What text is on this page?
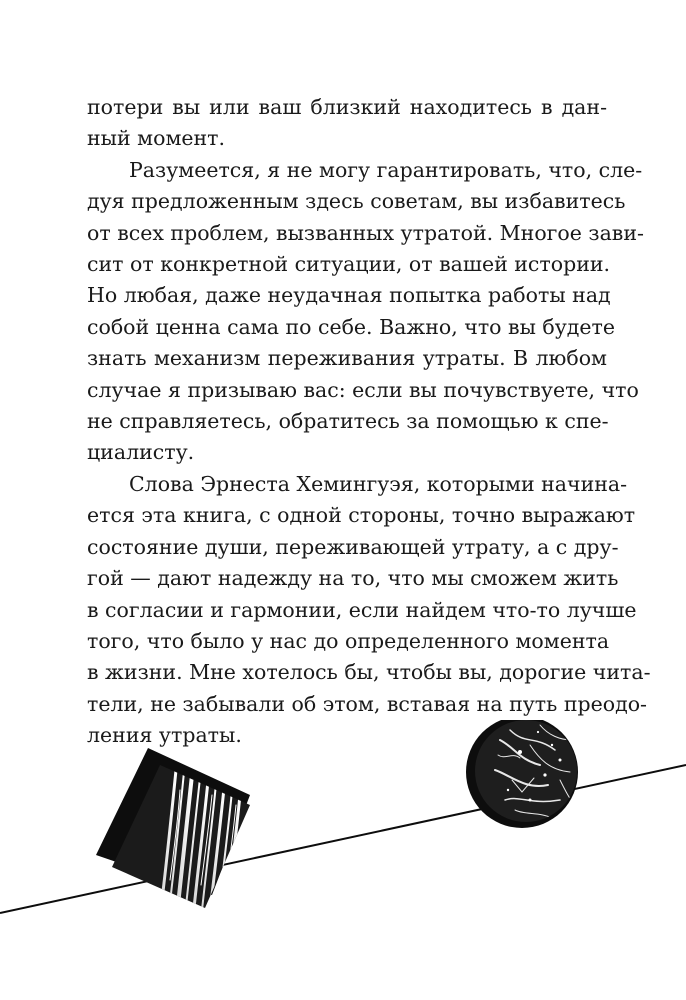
потери вы или ваш близкий находитесь в дан-
ный момент.
Разумеется, я не могу гарантировать, что, сле-
дуя предложенным здесь советам, вы избавитесь
от всех проблем, вызванных утратой. Многое зави-
сит от конкретной ситуации, от вашей истории.
Но любая, даже неудачная попытка работы над
собой ценна сама по себе. Важно, что вы будете
знать механизм переживания утраты. В любом
случае я призываю вас: если вы почувствуете, что
не справляетесь, обратитесь за помощью к спе-
циалисту.
Слова Эрнеста Хемингуэя, которыми начина-
ется эта книга, с одной стороны, точно выражают
состояние души, переживающей утрату, а с дру-
гой — дают надежду на то, что мы сможем жить
в согласии и гармонии, если найдем что-то лучше
того, что было у нас до определенного момента
в жизни. Мне хотелось бы, чтобы вы, дорогие чита-
тели, не забывали об этом, вставая на путь преодо-
ления утраты.
